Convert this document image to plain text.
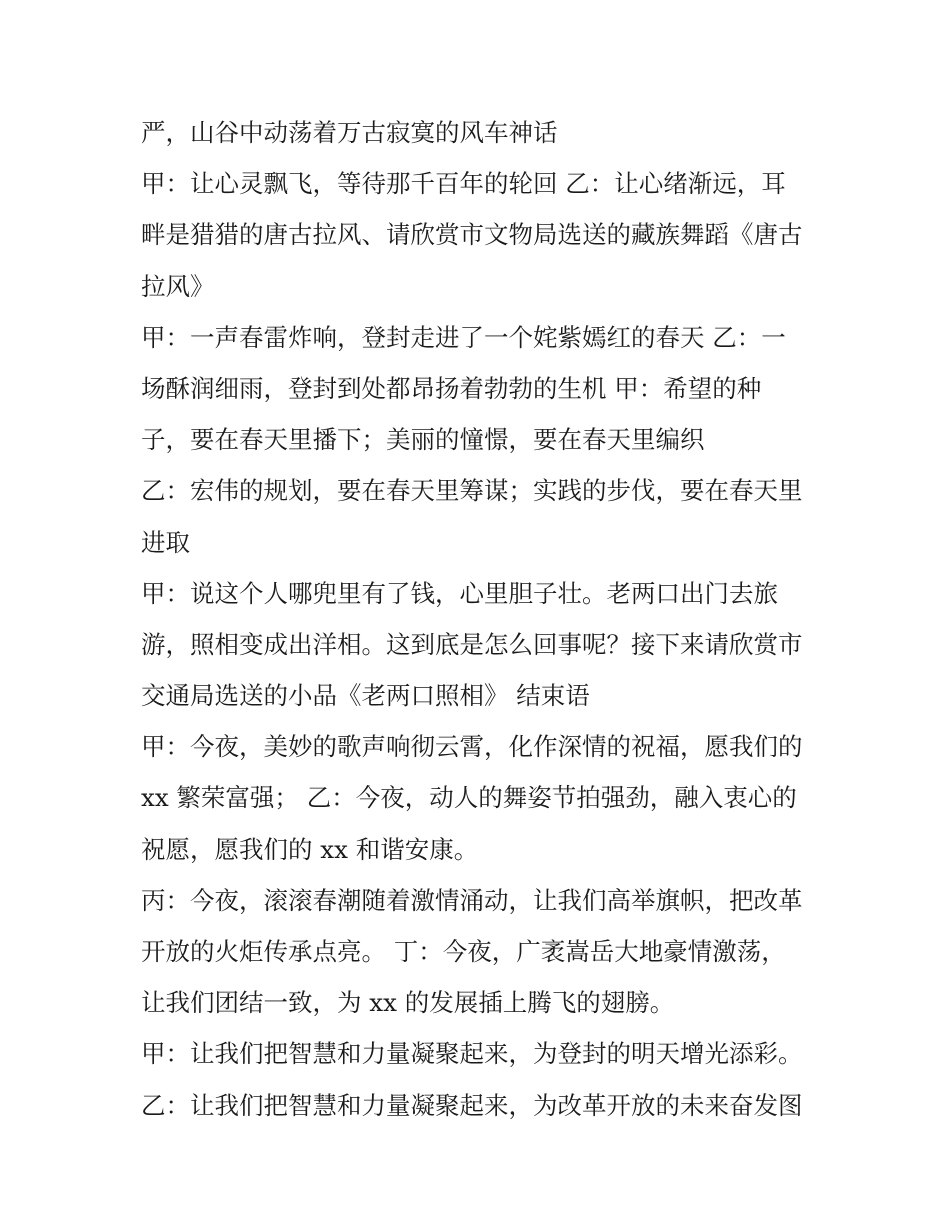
严，山谷中动荡着万古寂寞的风车神话
甲：让心灵飘飞，等待那千百年的轮回 乙：让心绪渐远，耳
畔是猎猎的唐古拉风、请欣赏市文物局选送的藏族舞蹈《唐古
拉风》
甲：一声春雷炸响，登封走进了一个姹紫嫣红的春天 乙：一
场酥润细雨，登封到处都昂扬着勃勃的生机 甲：希望的种
子，要在春天里播下；美丽的憧憬，要在春天里编织
乙：宏伟的规划，要在春天里筹谋；实践的步伐，要在春天里
进取
甲：说这个人哪兜里有了钱，心里胆子壮。老两口出门去旅
游，照相变成出洋相。这到底是怎么回事呢？接下来请欣赏市
交通局选送的小品《老两口照相》 结束语
甲：今夜，美妙的歌声响彻云霄，化作深情的祝福，愿我们的
xx 繁荣富强； 乙：今夜，动人的舞姿节拍强劲，融入衷心的
祝愿，愿我们的 xx 和谐安康。
丙：今夜，滚滚春潮随着激情涌动，让我们高举旗帜，把改革
开放的火炬传承点亮。 丁：今夜，广袤嵩岳大地豪情激荡，
让我们团结一致，为 xx 的发展插上腾飞的翅膀。
甲：让我们把智慧和力量凝聚起来，为登封的明天增光添彩。
乙：让我们把智慧和力量凝聚起来，为改革开放的未来奋发图
